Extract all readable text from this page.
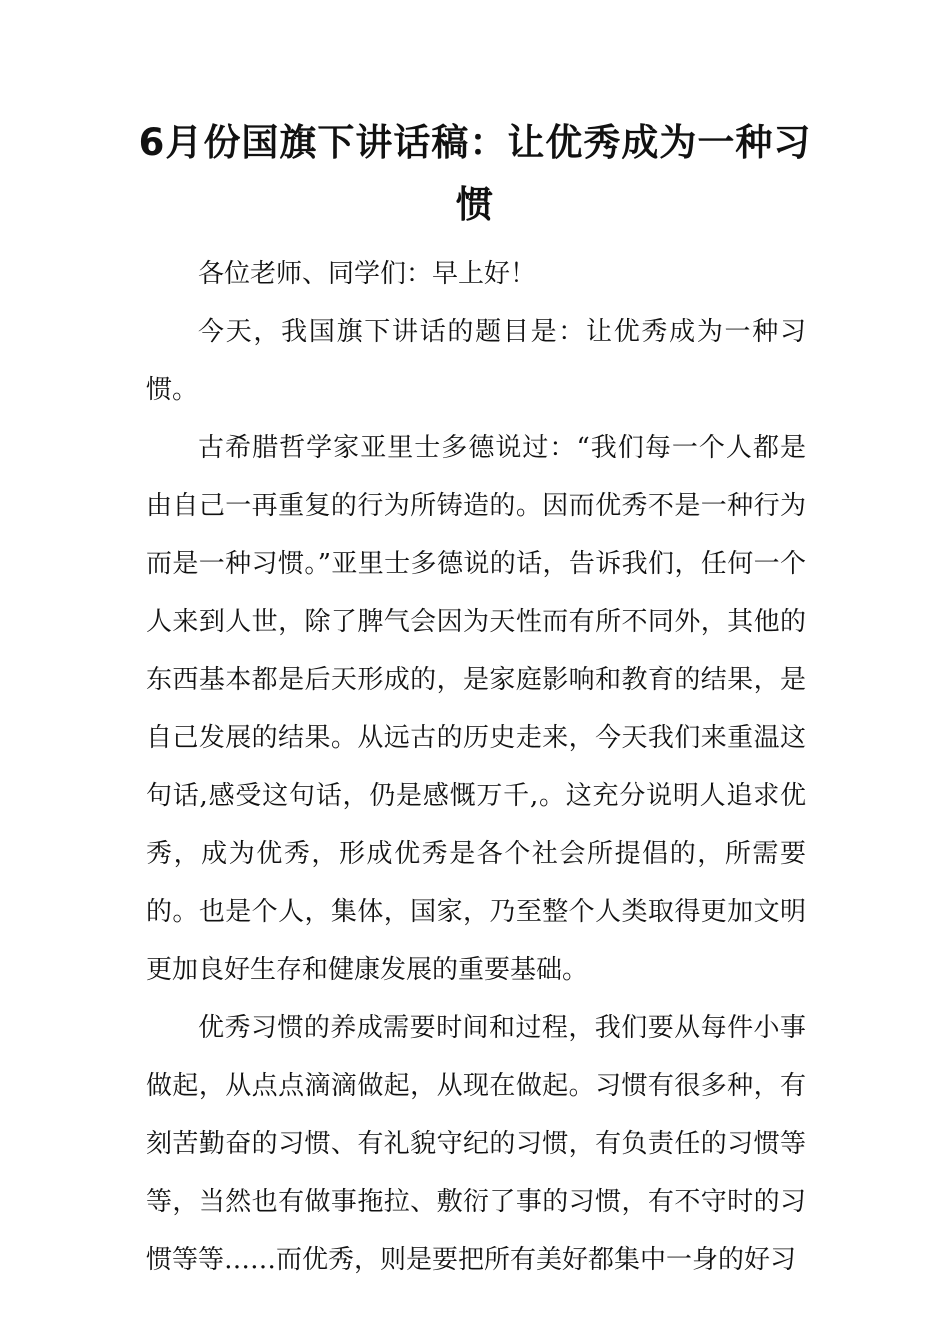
6月份国旗下讲话稿：让优秀成为一种习惯

各位老师、同学们：早上好！

今天，我国旗下讲话的题目是：让优秀成为一种习惯。

古希腊哲学家亚里士多德说过：“我们每一个人都是由自己一再重复的行为所铸造的。因而优秀不是一种行为而是一种习惯。”亚里士多德说的话，告诉我们，任何一个人来到人世，除了脾气会因为天性而有所不同外，其他的东西基本都是后天形成的，是家庭影响和教育的结果，是自己发展的结果。从远古的历史走来，今天我们来重温这句话,感受这句话，仍是感慨万千,。这充分说明人追求优秀，成为优秀，形成优秀是各个社会所提倡的，所需要的。也是个人，集体，国家，乃至整个人类取得更加文明更加良好生存和健康发展的重要基础。

优秀习惯的养成需要时间和过程，我们要从每件小事做起，从点点滴滴做起，从现在做起。习惯有很多种，有刻苦勤奋的习惯、有礼貌守纪的习惯，有负责任的习惯等等，当然也有做事拖拉、敷衍了事的习惯，有不守时的习惯等等……而优秀，则是要把所有美好都集中一身的好习
